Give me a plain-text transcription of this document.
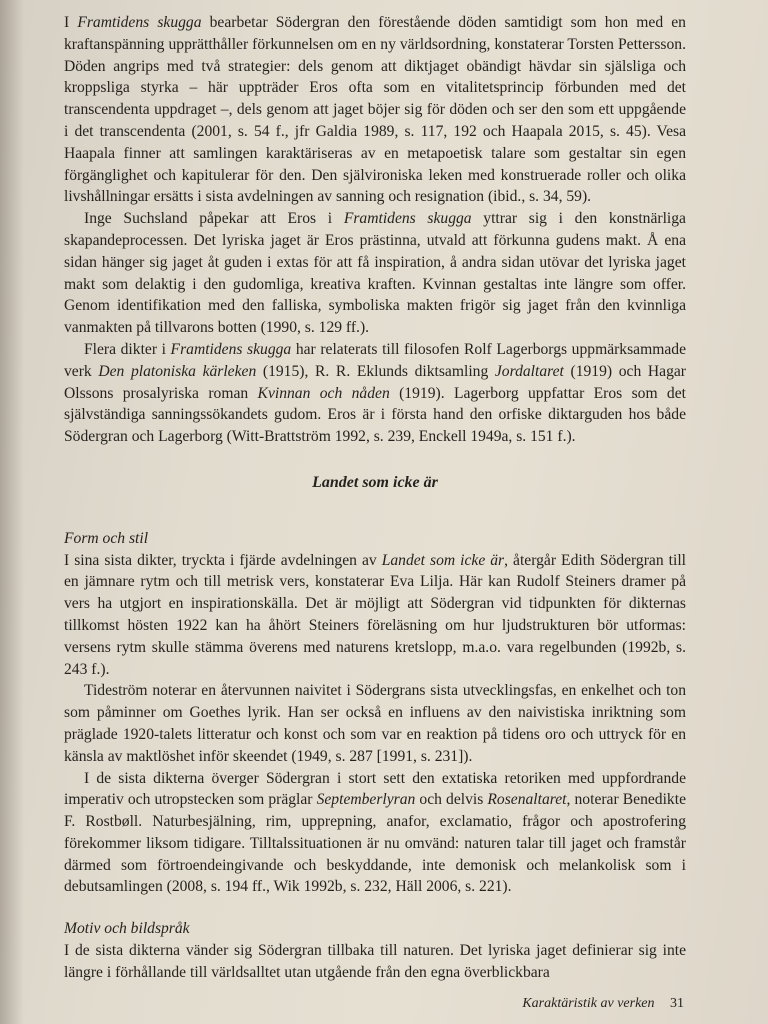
I Framtidens skugga bearbetar Södergran den förestående döden samtidigt som hon med en kraftanspänning upprätthåller förkunnelsen om en ny världsordning, konstaterar Torsten Pettersson. Döden angrips med två strategier: dels genom att diktjaget obändigt hävdar sin själsliga och kroppsliga styrka – här uppträder Eros ofta som en vitalitetsprincip förbunden med det transcendenta uppdraget –, dels genom att jaget böjer sig för döden och ser den som ett uppgående i det transcendenta (2001, s. 54 f., jfr Galdia 1989, s. 117, 192 och Haapala 2015, s. 45). Vesa Haapala finner att samlingen karaktäriseras av en metapoetisk talare som gestaltar sin egen förgänglighet och kapitulerar för den. Den självironiska leken med konstruerade roller och olika livshållningar ersätts i sista avdelningen av sanning och resignation (ibid., s. 34, 59).

Inge Suchsland påpekar att Eros i Framtidens skugga yttrar sig i den konstnärliga skapandeprocessen. Det lyriska jaget är Eros prästinna, utvald att förkunna gudens makt. Å ena sidan hänger sig jaget åt guden i extas för att få inspiration, å andra sidan utövar det lyriska jaget makt som delaktig i den gudomliga, kreativa kraften. Kvinnan gestaltas inte längre som offer. Genom identifikation med den falliska, symboliska makten frigör sig jaget från den kvinnliga vanmakten på tillvarons botten (1990, s. 129 ff.).

Flera dikter i Framtidens skugga har relaterats till filosofen Rolf Lagerborgs uppmärksammade verk Den platoniska kärleken (1915), R. R. Eklunds diktsamling Jordaltaret (1919) och Hagar Olssons prosalyriska roman Kvinnan och nåden (1919). Lagerborg uppfattar Eros som det självständiga sanningssökandets gudom. Eros är i första hand den orfiske diktarguden hos både Södergran och Lagerborg (Witt-Brattström 1992, s. 239, Enckell 1949a, s. 151 f.).

Landet som icke är
Form och stil

I sina sista dikter, tryckta i fjärde avdelningen av Landet som icke är, återgår Edith Södergran till en jämnare rytm och till metrisk vers, konstaterar Eva Lilja. Här kan Rudolf Steiners dramer på vers ha utgjort en inspirationskälla. Det är möjligt att Södergran vid tidpunkten för dikternas tillkomst hösten 1922 kan ha åhört Steiners föreläsning om hur ljudstrukturen bör utformas: versens rytm skulle stämma överens med naturens kretslopp, m.a.o. vara regelbunden (1992b, s. 243 f.).

Tideström noterar en återvunnen naivitet i Södergrans sista utvecklingsfas, en enkelhet och ton som påminner om Goethes lyrik. Han ser också en influens av den naivistiska inriktning som präglade 1920-talets litteratur och konst och som var en reaktion på tidens oro och uttryck för en känsla av maktlöshet inför skeendet (1949, s. 287 [1991, s. 231]).

I de sista dikterna överger Södergran i stort sett den extatiska retoriken med uppfordrande imperativ och utropstecken som präglar Septemberlyran och delvis Rosenaltaret, noterar Benedikte F. Rostbøll. Naturbesjälning, rim, upprepning, anafor, exclamatio, frågor och apostrofering förekommer liksom tidigare. Tilltalssituationen är nu omvänd: naturen talar till jaget och framstår därmed som förtroendeingivande och beskyddande, inte demonisk och melankolisk som i debutsamlingen (2008, s. 194 ff., Wik 1992b, s. 232, Häll 2006, s. 221).

Motiv och bildspråk

I de sista dikterna vänder sig Södergran tillbaka till naturen. Det lyriska jaget definierar sig inte längre i förhållande till världsalltet utan utgående från den egna överblickbara

Karaktäristik av verken 31
